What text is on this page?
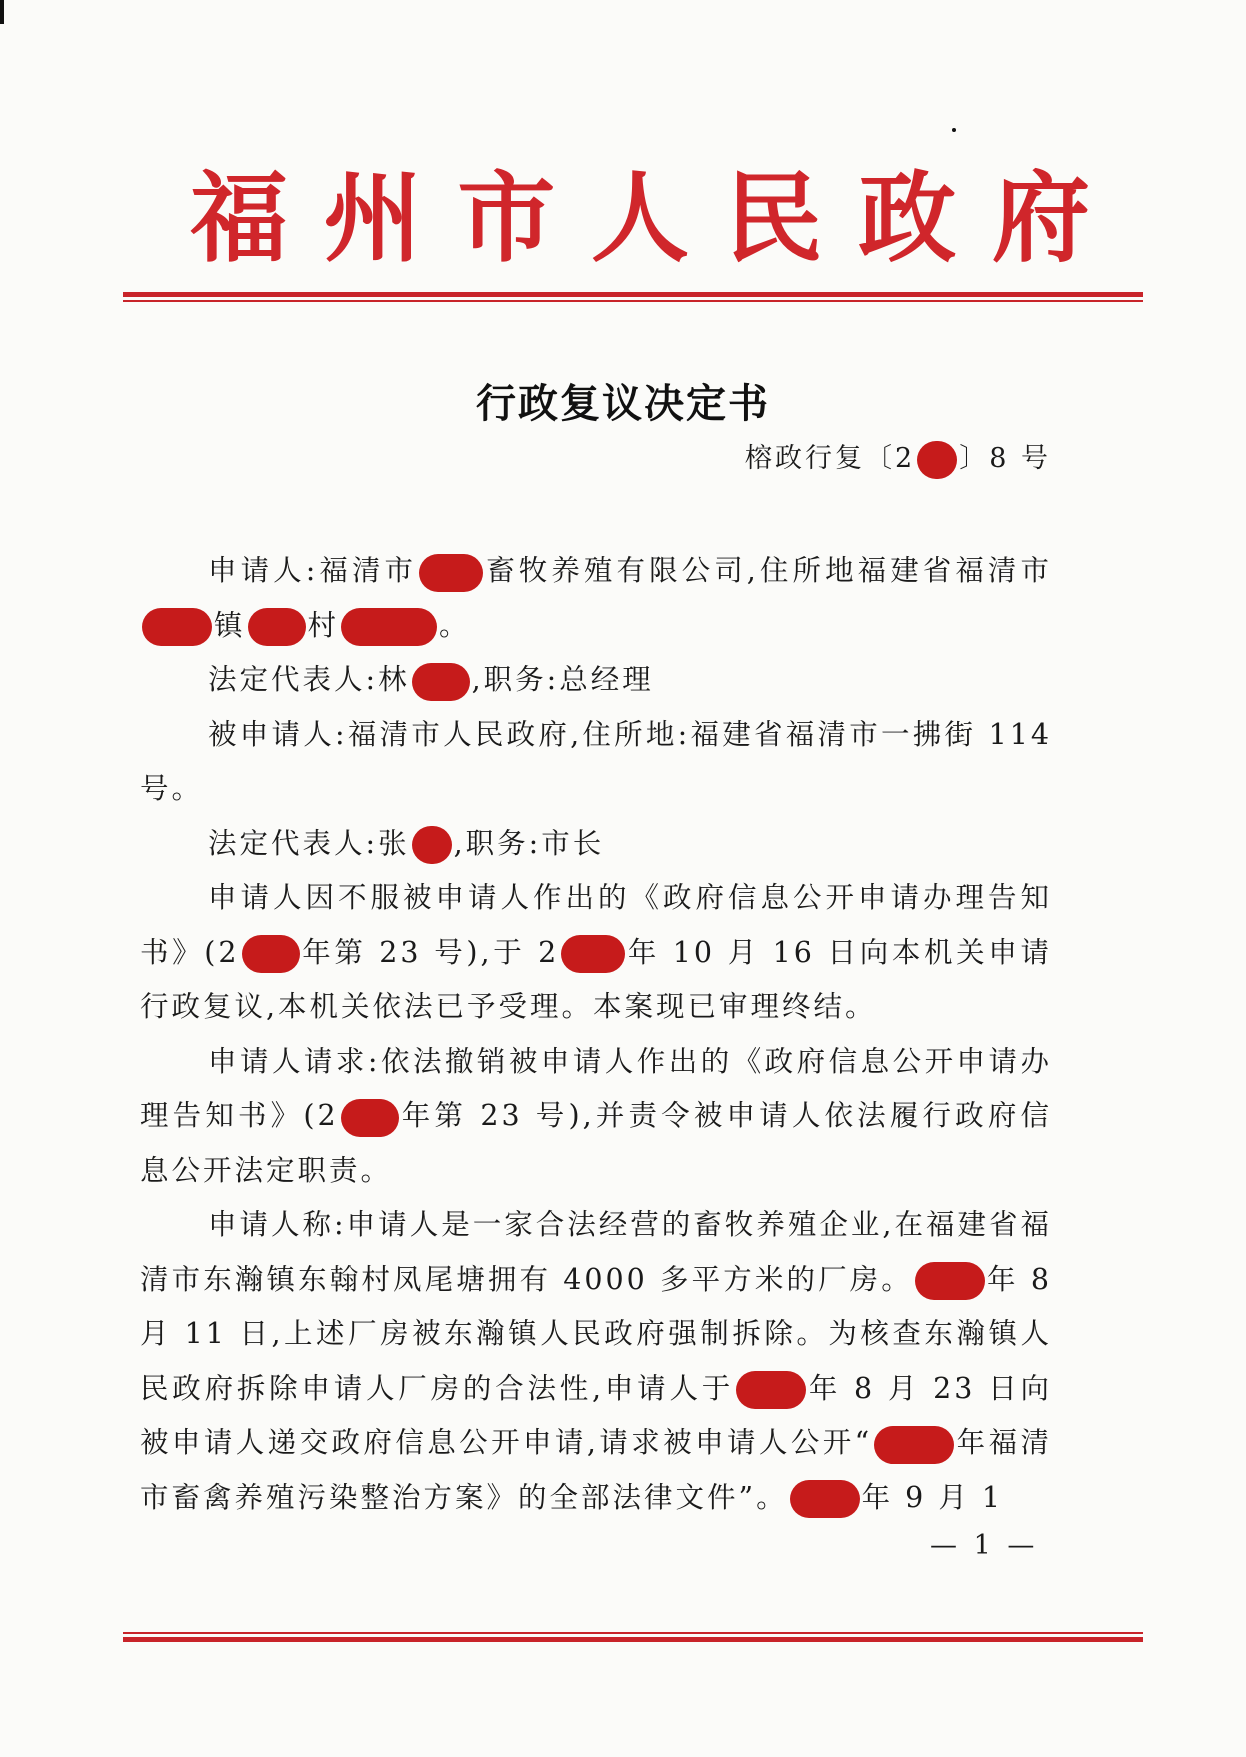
福 州 市 人 民 政 府
行政复议决定书
榕政行复〔2 〕8 号

申请人:福清市 畜牧养殖有限公司,住所地福建省福清市镇 村	。

法定代表人:林 ,职务:总经理

被申请人:福清市人民政府,住所地:福建省福清市一拂街 114 号。

法定代表人:张 ,职务:市长

申请人因不服被申请人作出的《政府信息公开申请办理告知书》(2 年第 23 号),于 2 年 10 月 16 日向本机关申请行政复议,本机关依法已予受理。本案现已审理终结。

申请人请求:依法撤销被申请人作出的《政府信息公开申请办理告知书》(2 年第 23 号),并责令被申请人依法履行政府信息公开法定职责。

申请人称:申请人是一家合法经营的畜牧养殖企业,在福建省福清市东瀚镇东翰村凤尾塘拥有 4000 多平方米的厂房。	年 8 月 11 日,上述厂房被东瀚镇人民政府强制拆除。为核查东瀚镇人民政府拆除申请人厂房的合法性,申请人于	年 8 月 23 日向被申请人递交政府信息公开申请,请求被申请人公开“	年福清市畜禽养殖污染整治方案》的全部法律文件”。	年 9 月 1

— 1 —
